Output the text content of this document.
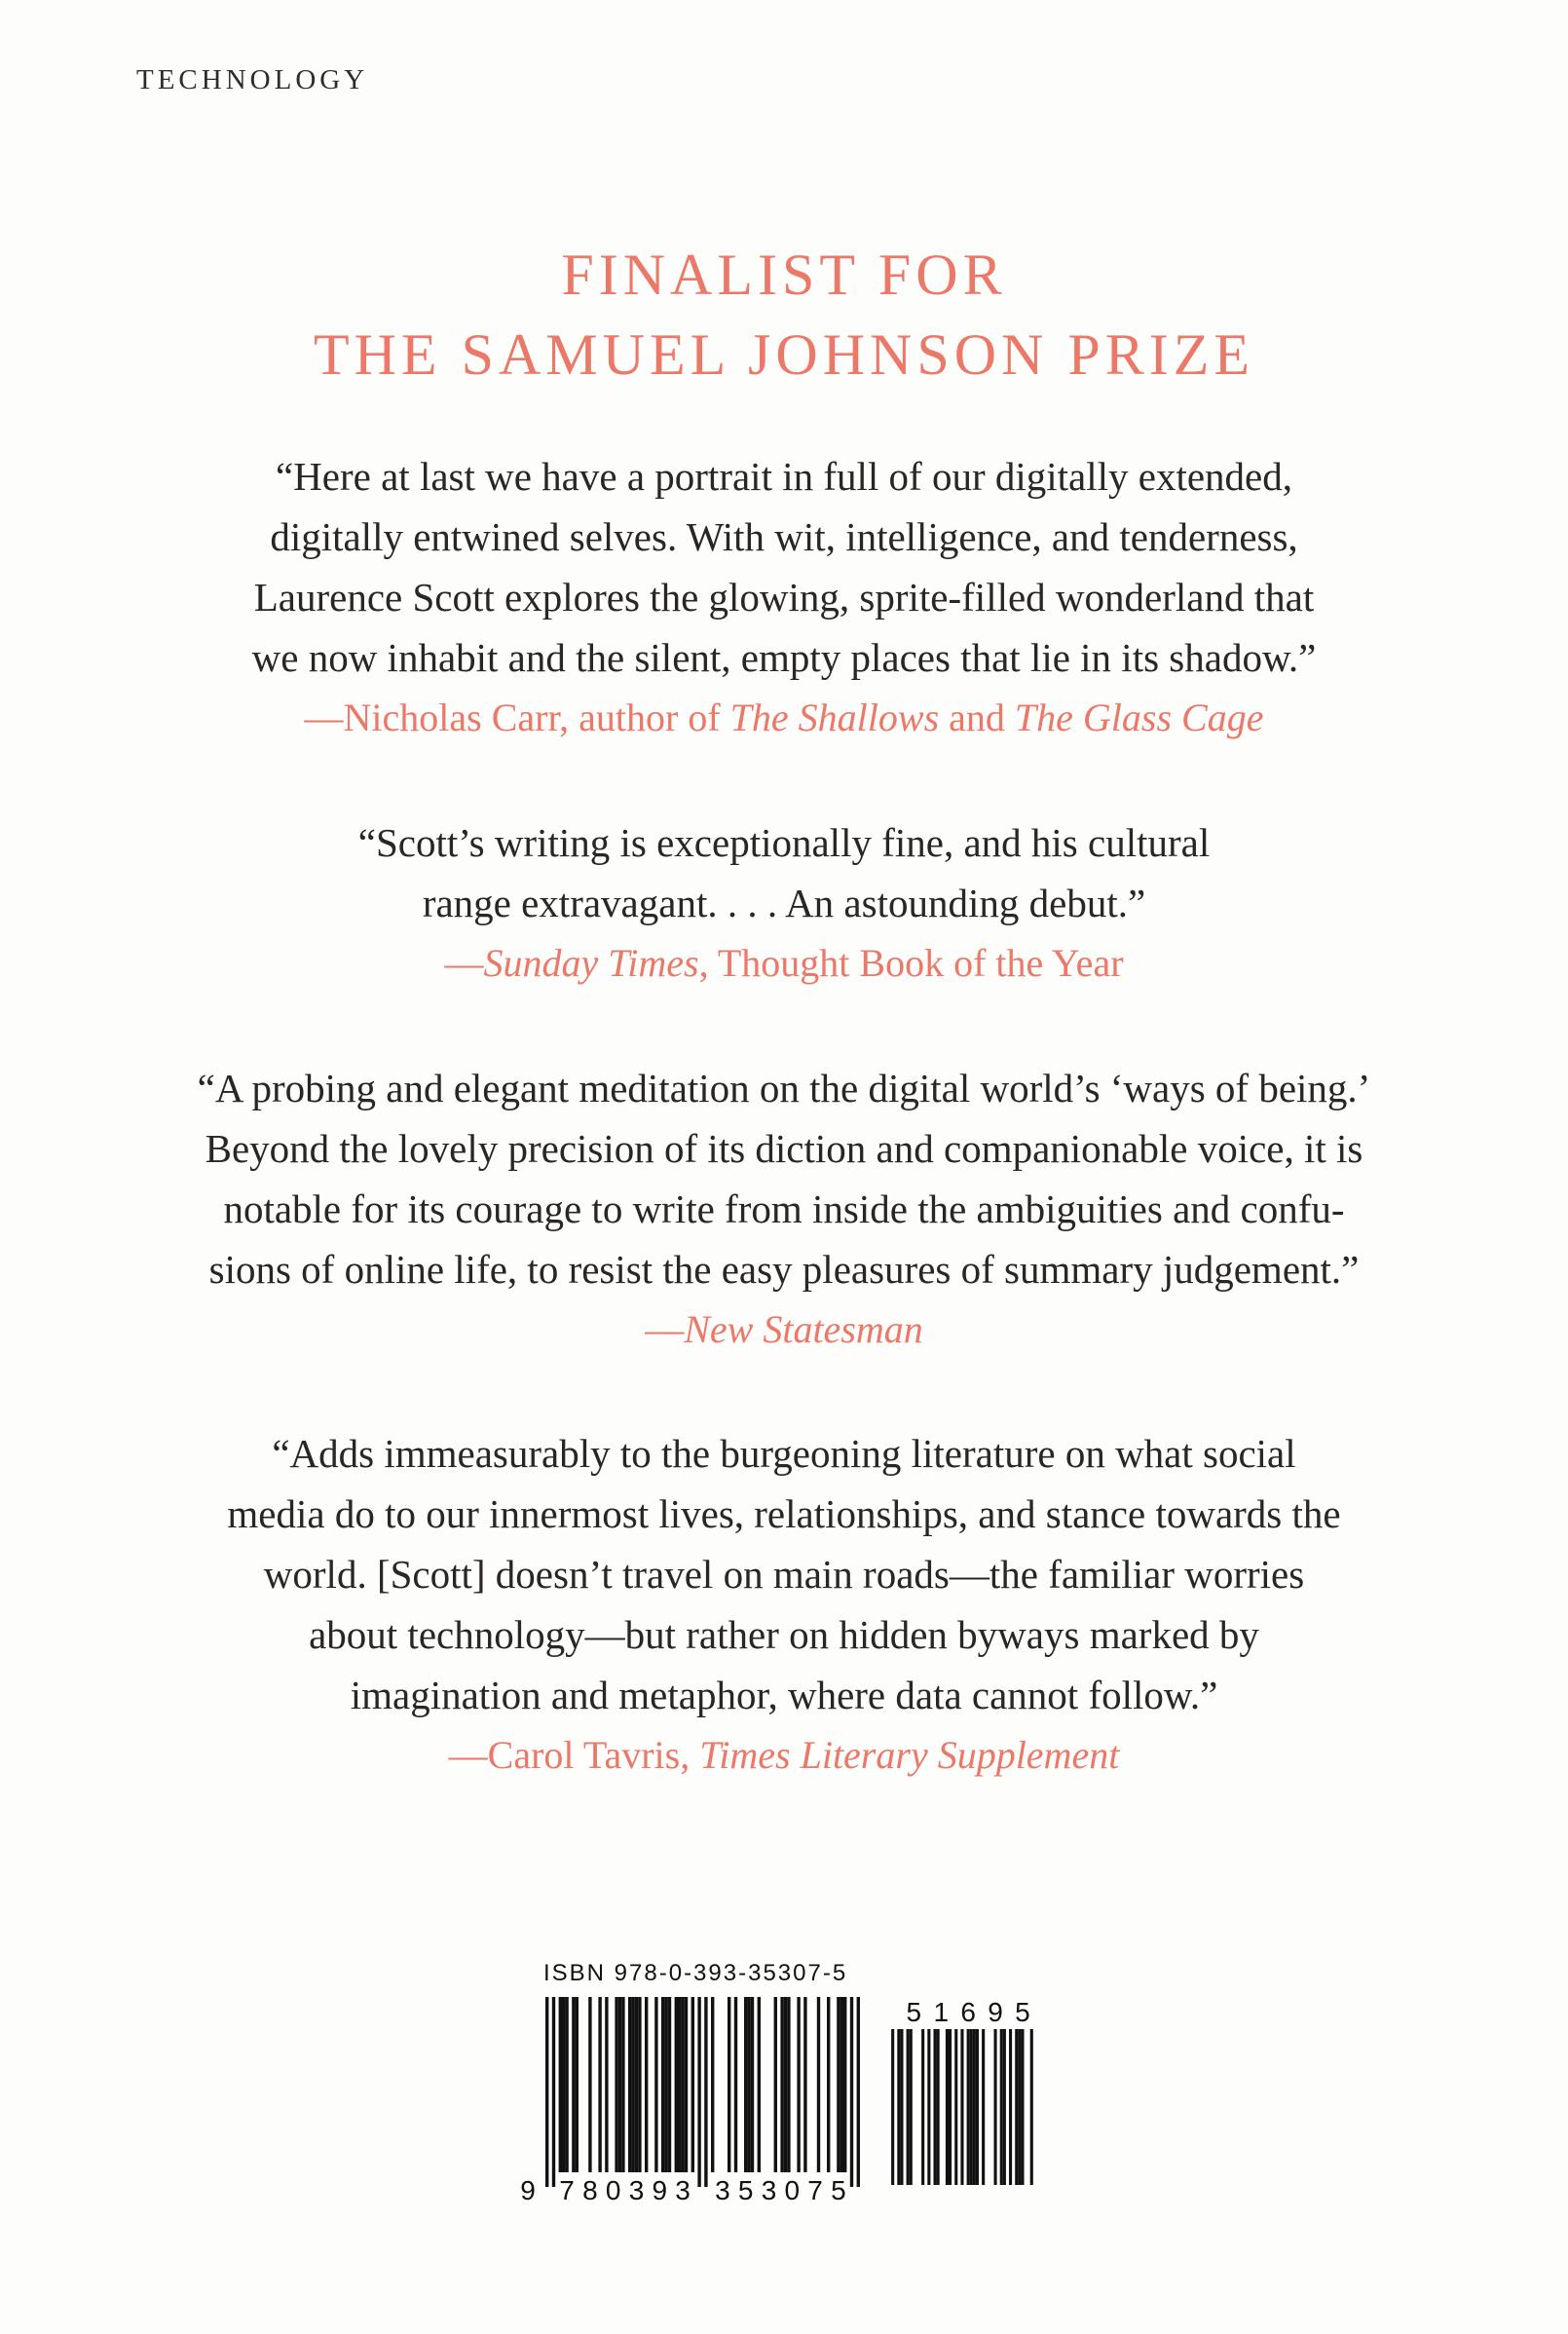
TECHNOLOGY
FINALIST FOR
THE SAMUEL JOHNSON PRIZE
“Here at last we have a portrait in full of our digitally extended,
digitally entwined selves. With wit, intelligence, and tenderness,
Laurence Scott explores the glowing, sprite-filled wonderland that
we now inhabit and the silent, empty places that lie in its shadow.”
—Nicholas Carr, author of The Shallows and The Glass Cage
“Scott’s writing is exceptionally fine, and his cultural
range extravagant. . . . An astounding debut.”
—Sunday Times, Thought Book of the Year
“A probing and elegant meditation on the digital world’s ‘ways of being.’
Beyond the lovely precision of its diction and companionable voice, it is
notable for its courage to write from inside the ambiguities and confu-
sions of online life, to resist the easy pleasures of summary judgement.”
—New Statesman
“Adds immeasurably to the burgeoning literature on what social
media do to our innermost lives, relationships, and stance towards the
world. [Scott] doesn’t travel on main roads—the familiar worries
about technology—but rather on hidden byways marked by
imagination and metaphor, where data cannot follow.”
—Carol Tavris, Times Literary Supplement
ISBN 978-0-393-35307-5
9 7 8 0 3 9 3 3 5 3 0 7 5
5 1 6 9 5
